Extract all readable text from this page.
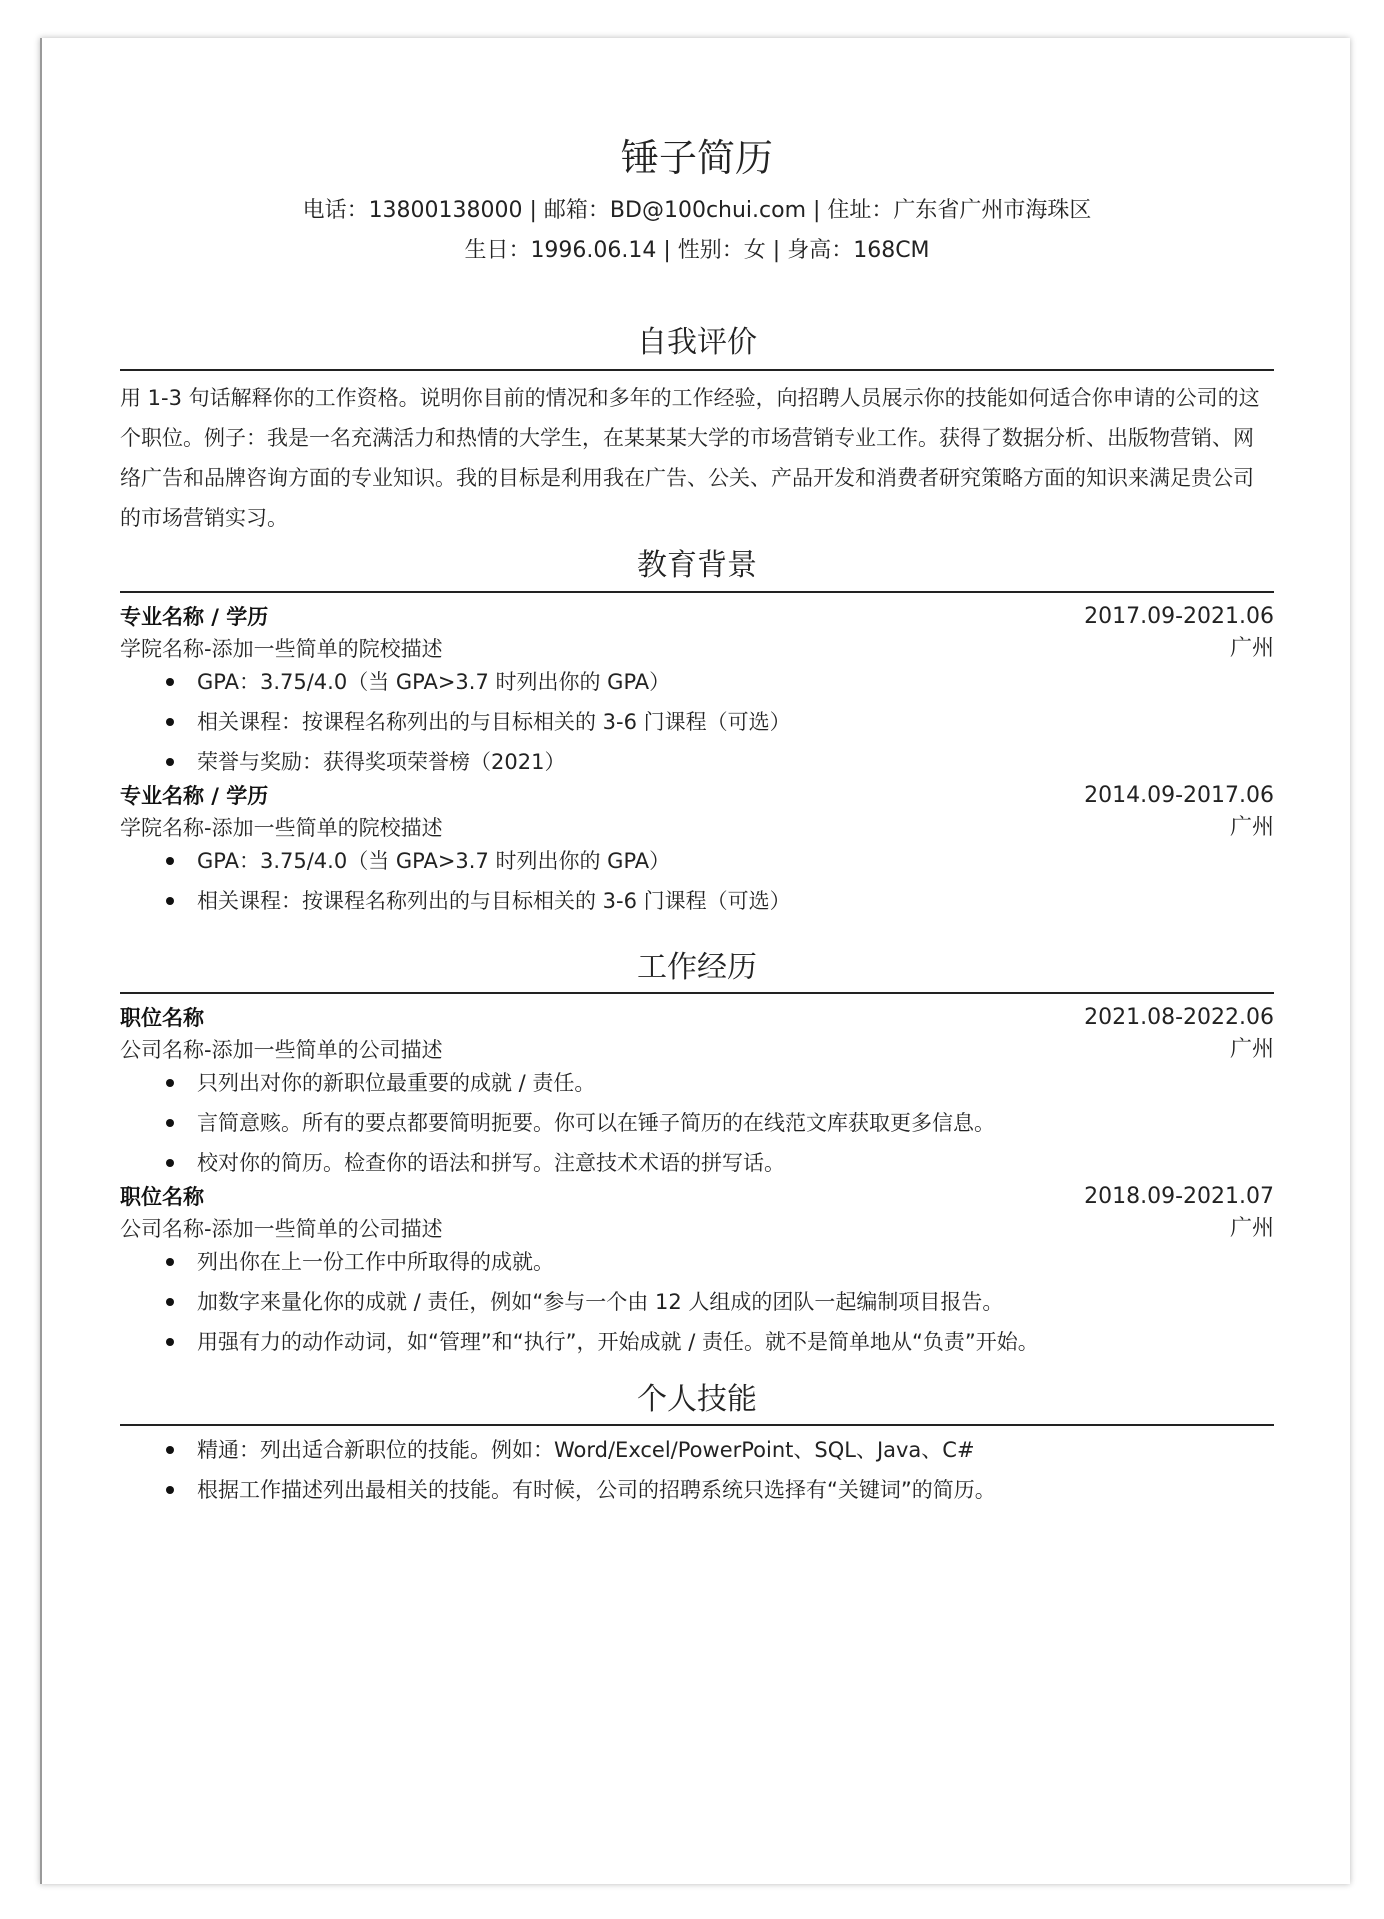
锤子简历
电话：13800138000 | 邮箱：BD@100chui.com | 住址：广东省广州市海珠区
生日：1996.06.14 | 性别：女 | 身高：168CM
自我评价
用 1-3 句话解释你的工作资格。说明你目前的情况和多年的工作经验，向招聘人员展示你的技能如何适合你申请的公司的这个职位。例子：我是一名充满活力和热情的大学生，在某某某大学的市场营销专业工作。获得了数据分析、出版物营销、网络广告和品牌咨询方面的专业知识。我的目标是利用我在广告、公关、产品开发和消费者研究策略方面的知识来满足贵公司的市场营销实习。
教育背景
专业名称 / 学历	2017.09-2021.06
学院名称-添加一些简单的院校描述	广州
GPA：3.75/4.0（当 GPA>3.7 时列出你的 GPA）
相关课程：按课程名称列出的与目标相关的 3-6 门课程（可选）
荣誉与奖励：获得奖项荣誉榜（2021）
专业名称 / 学历	2014.09-2017.06
学院名称-添加一些简单的院校描述	广州
GPA：3.75/4.0（当 GPA>3.7 时列出你的 GPA）
相关课程：按课程名称列出的与目标相关的 3-6 门课程（可选）
工作经历
职位名称	2021.08-2022.06
公司名称-添加一些简单的公司描述	广州
只列出对你的新职位最重要的成就 / 责任。
言简意赅。所有的要点都要简明扼要。你可以在锤子简历的在线范文库获取更多信息。
校对你的简历。检查你的语法和拼写。注意技术术语的拼写话。
职位名称	2018.09-2021.07
公司名称-添加一些简单的公司描述	广州
列出你在上一份工作中所取得的成就。
加数字来量化你的成就 / 责任，例如“参与一个由 12 人组成的团队一起编制项目报告。
用强有力的动作动词，如“管理”和“执行”，开始成就 / 责任。就不是简单地从“负责”开始。
个人技能
精通：列出适合新职位的技能。例如：Word/Excel/PowerPoint、SQL、Java、C#
根据工作描述列出最相关的技能。有时候，公司的招聘系统只选择有“关键词”的简历。
